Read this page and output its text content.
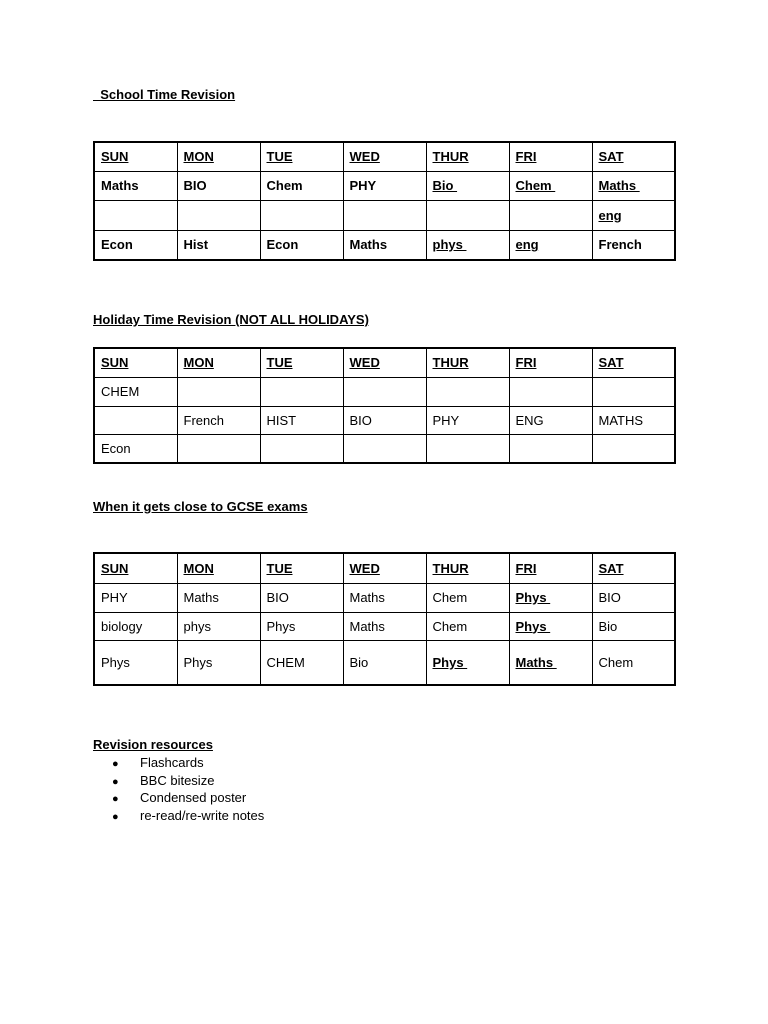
School Time Revision

SUN	MON	TUE	WED	THUR	FRI	SAT
Maths	BIO	Chem	PHY	Bio	Chem	Maths
						eng
Econ	Hist	Econ	Maths	phys	eng	French

Holiday Time Revision (NOT ALL HOLIDAYS)

SUN	MON	TUE	WED	THUR	FRI	SAT
CHEM						
	French	HIST	BIO	PHY	ENG	MATHS
Econ						

When it gets close to GCSE exams

SUN	MON	TUE	WED	THUR	FRI	SAT
PHY	Maths	BIO	Maths	Chem	Phys	BIO
biology	phys	Phys	Maths	Chem	Phys	Bio
Phys	Phys	CHEM	Bio	Phys	Maths	Chem

Revision resources

● Flashcards
● BBC bitesize
● Condensed poster
● re-read/re-write notes
